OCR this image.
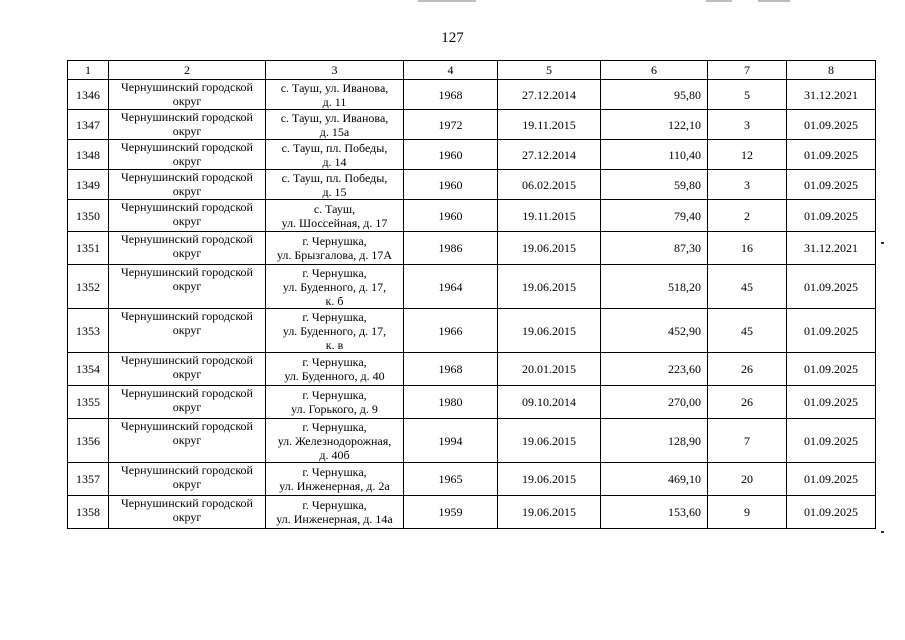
127
1	2	3	4	5	6	7	8
1346	Чернушинский городской округ	с. Тауш, ул. Иванова,
д. 11	1968	27.12.2014	95,80	5	31.12.2021
1347	Чернушинский городской округ	с. Тауш, ул. Иванова,
д. 15а	1972	19.11.2015	122,10	3	01.09.2025
1348	Чернушинский городской округ	с. Тауш, пл. Победы,
д. 14	1960	27.12.2014	110,40	12	01.09.2025
1349	Чернушинский городской округ	с. Тауш, пл. Победы,
д. 15	1960	06.02.2015	59,80	3	01.09.2025
1350	Чернушинский городской округ	с. Тауш,
ул. Шоссейная, д. 17	1960	19.11.2015	79,40	2	01.09.2025
1351	Чернушинский городской округ	г. Чернушка,
ул. Брызгалова, д. 17А	1986	19.06.2015	87,30	16	31.12.2021
1352	Чернушинский городской округ	г. Чернушка,
ул. Буденного, д. 17,
к. б	1964	19.06.2015	518,20	45	01.09.2025
1353	Чернушинский городской округ	г. Чернушка,
ул. Буденного, д. 17,
к. в	1966	19.06.2015	452,90	45	01.09.2025
1354	Чернушинский городской округ	г. Чернушка,
ул. Буденного, д. 40	1968	20.01.2015	223,60	26	01.09.2025
1355	Чернушинский городской округ	г. Чернушка,
ул. Горького, д. 9	1980	09.10.2014	270,00	26	01.09.2025
1356	Чернушинский городской округ	г. Чернушка,
ул. Железнодорожная,
д. 40б	1994	19.06.2015	128,90	7	01.09.2025
1357	Чернушинский городской округ	г. Чернушка,
ул. Инженерная, д. 2а	1965	19.06.2015	469,10	20	01.09.2025
1358	Чернушинский городской округ	г. Чернушка,
ул. Инженерная, д. 14а	1959	19.06.2015	153,60	9	01.09.2025
